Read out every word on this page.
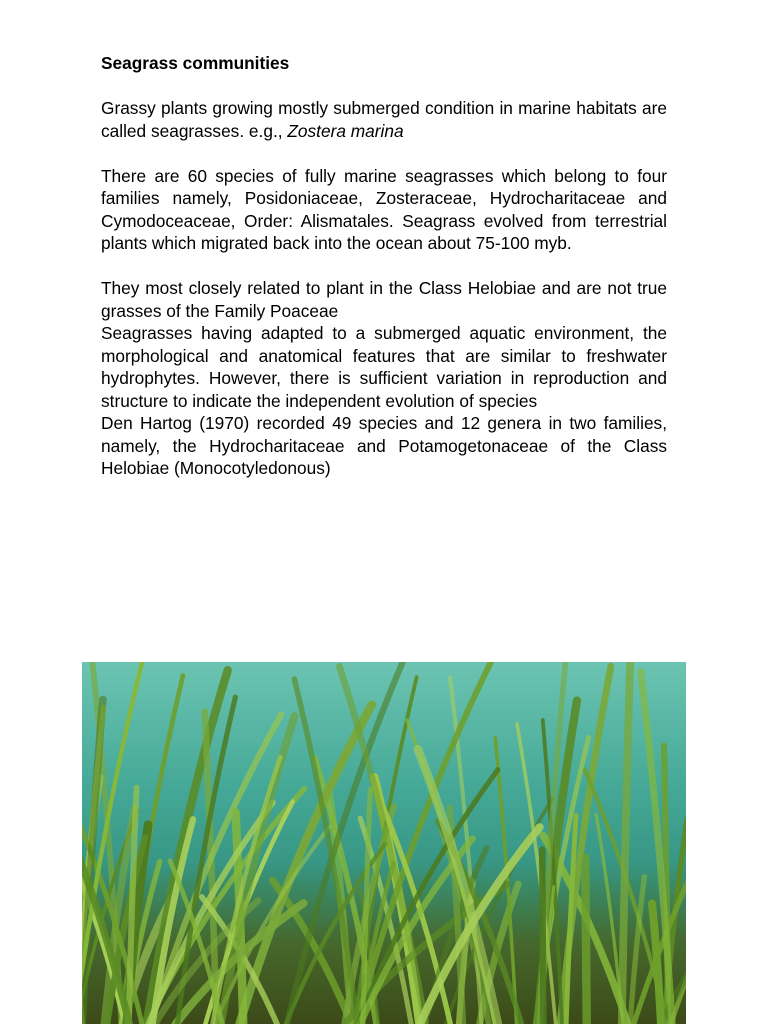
Seagrass communities

Grassy plants growing mostly submerged condition in marine habitats are called seagrasses. e.g., Zostera marina

There are 60 species of fully marine seagrasses which belong to four families namely, Posidoniaceae, Zosteraceae, Hydrocharitaceae and Cymodoceaceae, Order: Alismatales. Seagrass evolved from terrestrial plants which migrated back into the ocean about 75-100 myb.

They most closely related to plant in the Class Helobiae and are not true grasses of the Family Poaceae

Seagrasses having adapted to a submerged aquatic environment, the morphological and anatomical features that are similar to freshwater hydrophytes. However, there is sufficient variation in reproduction and structure to indicate the independent evolution of species

Den Hartog (1970) recorded 49 species and 12 genera in two families, namely, the Hydrocharitaceae and Potamogetonaceae of the Class Helobiae (Monocotyledonous)
